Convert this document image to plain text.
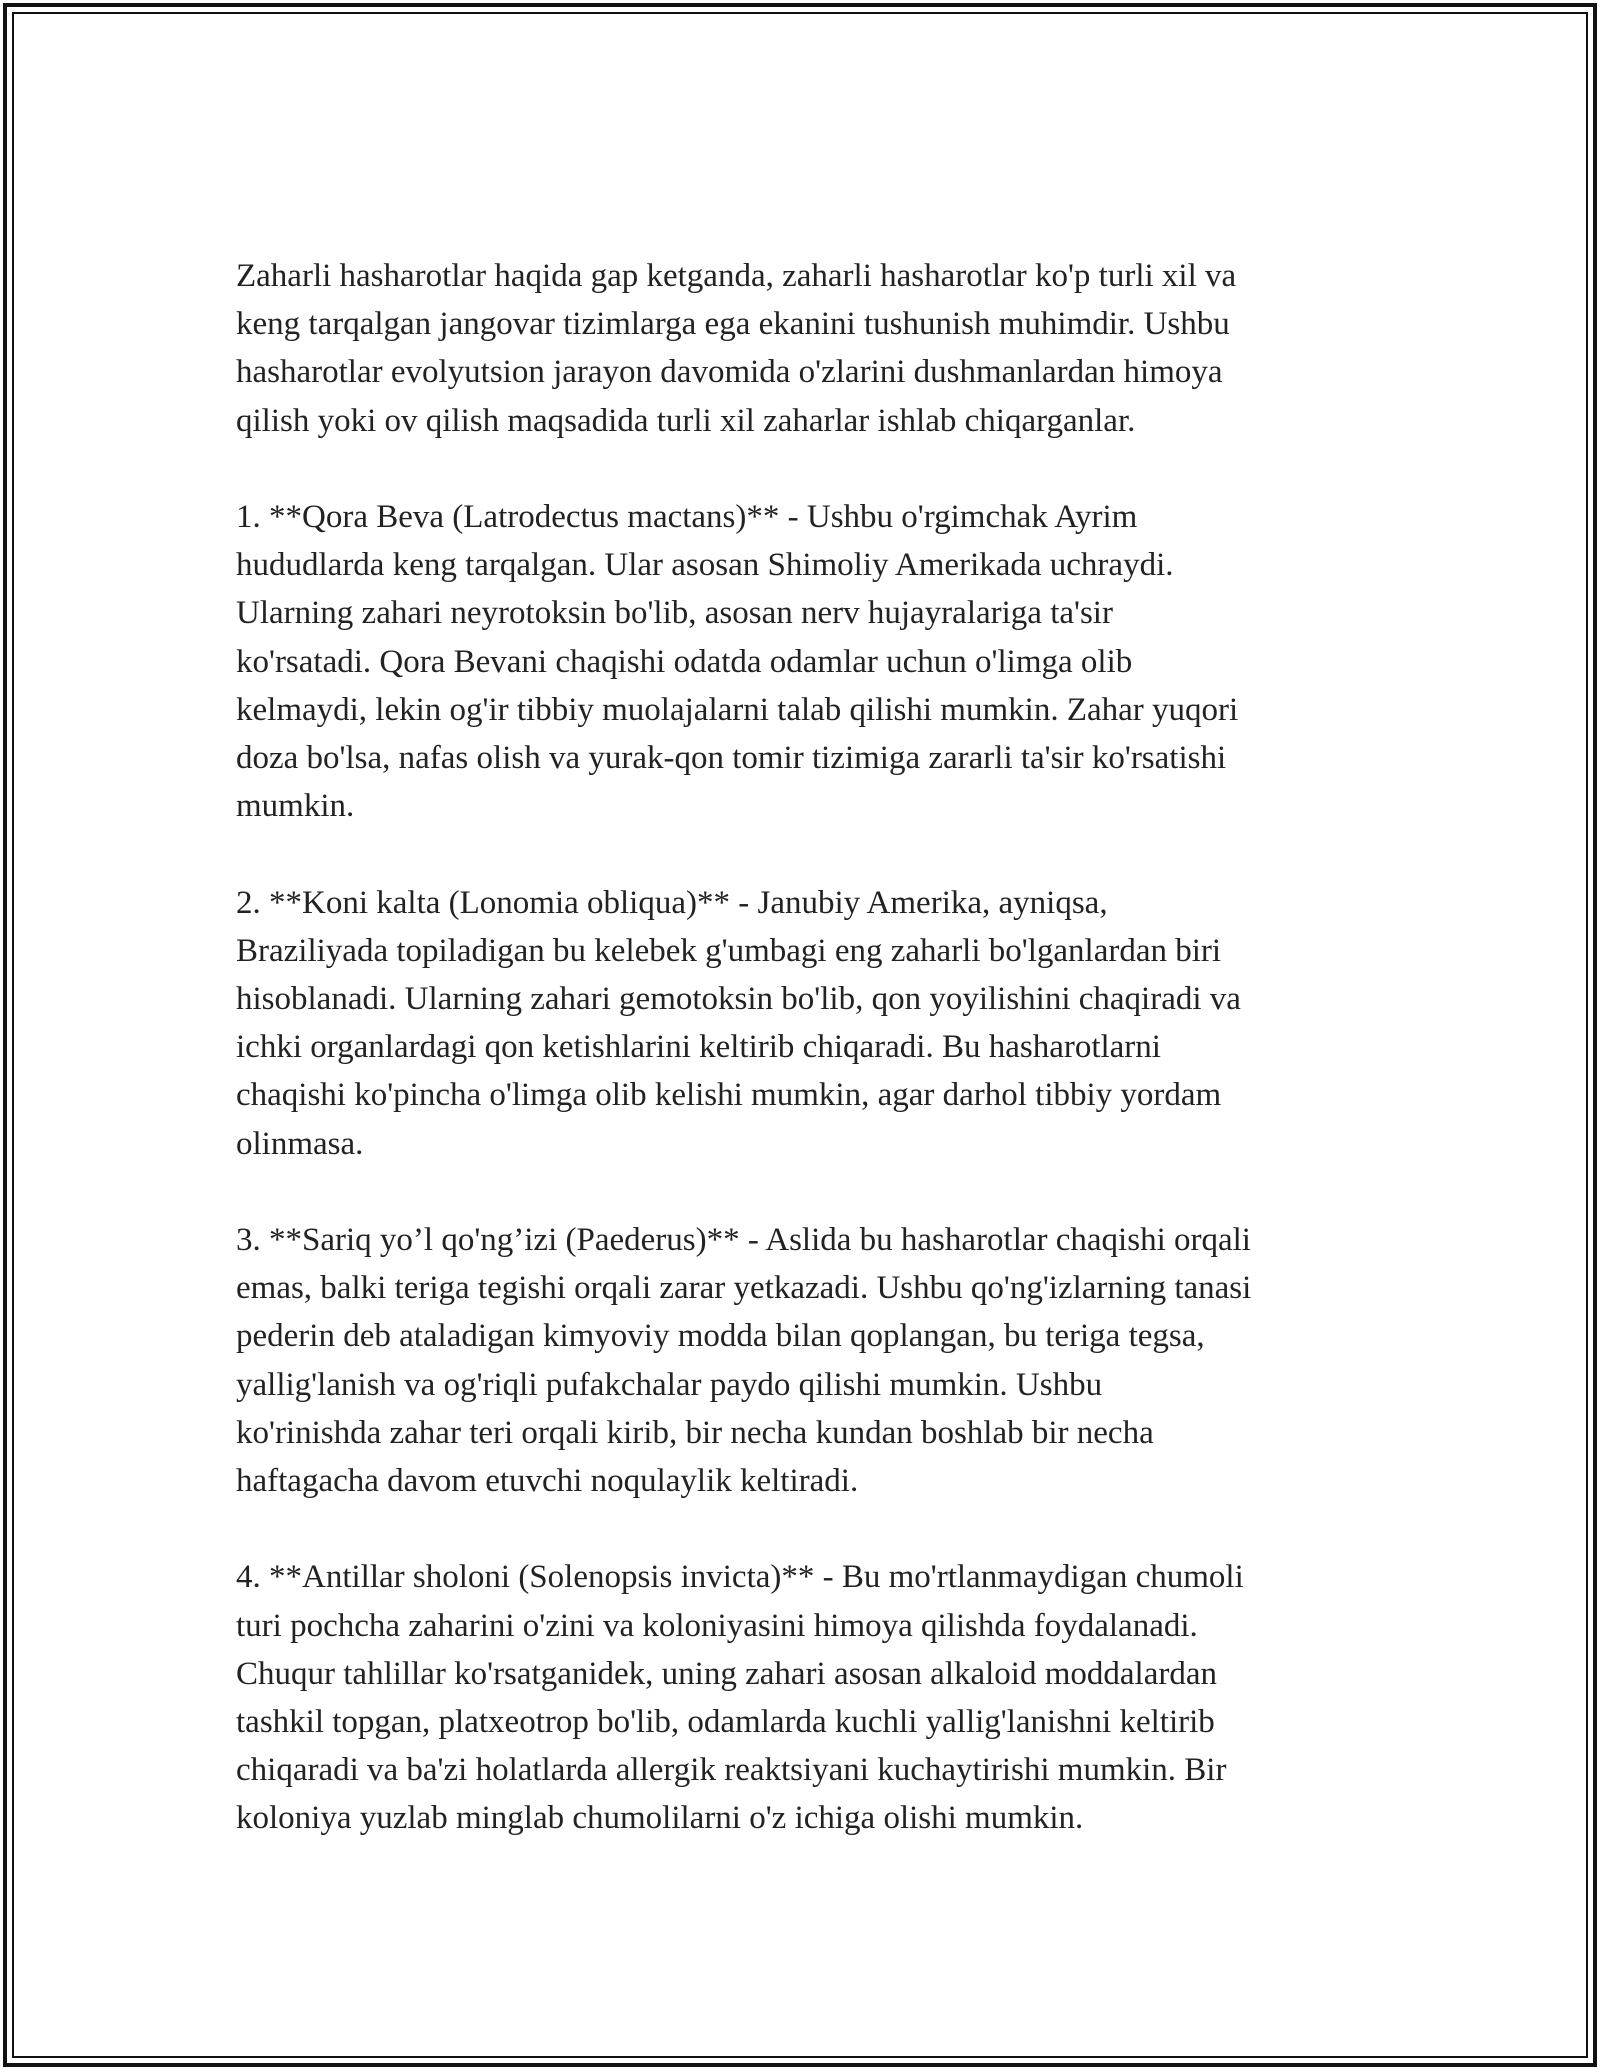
Zaharli hasharotlar haqida gap ketganda, zaharli hasharotlar ko'p turli xil va
keng tarqalgan jangovar tizimlarga ega ekanini tushunish muhimdir. Ushbu
hasharotlar evolyutsion jarayon davomida o'zlarini dushmanlardan himoya
qilish yoki ov qilish maqsadida turli xil zaharlar ishlab chiqarganlar.

1. **Qora Beva (Latrodectus mactans)** - Ushbu o'rgimchak Ayrim
hududlarda keng tarqalgan. Ular asosan Shimoliy Amerikada uchraydi.
Ularning zahari neyrotoksin bo'lib, asosan nerv hujayralariga ta'sir
ko'rsatadi. Qora Bevani chaqishi odatda odamlar uchun o'limga olib
kelmaydi, lekin og'ir tibbiy muolajalarni talab qilishi mumkin. Zahar yuqori
doza bo'lsa, nafas olish va yurak-qon tomir tizimiga zararli ta'sir ko'rsatishi
mumkin.

2. **Koni kalta (Lonomia obliqua)** - Janubiy Amerika, ayniqsa,
Braziliyada topiladigan bu kelebek g'umbagi eng zaharli bo'lganlardan biri
hisoblanadi. Ularning zahari gemotoksin bo'lib, qon yoyilishini chaqiradi va
ichki organlardagi qon ketishlarini keltirib chiqaradi. Bu hasharotlarni
chaqishi ko'pincha o'limga olib kelishi mumkin, agar darhol tibbiy yordam
olinmasa.

3. **Sariq yo’l qo'ng’izi (Paederus)** - Aslida bu hasharotlar chaqishi orqali
emas, balki teriga tegishi orqali zarar yetkazadi. Ushbu qo'ng'izlarning tanasi
pederin deb ataladigan kimyoviy modda bilan qoplangan, bu teriga tegsa,
yallig'lanish va og'riqli pufakchalar paydo qilishi mumkin. Ushbu
ko'rinishda zahar teri orqali kirib, bir necha kundan boshlab bir necha
haftagacha davom etuvchi noqulaylik keltiradi.

4. **Antillar sholoni (Solenopsis invicta)** - Bu mo'rtlanmaydigan chumoli
turi pochcha zaharini o'zini va koloniyasini himoya qilishda foydalanadi.
Chuqur tahlillar ko'rsatganidek, uning zahari asosan alkaloid moddalardan
tashkil topgan, platxeotrop bo'lib, odamlarda kuchli yallig'lanishni keltirib
chiqaradi va ba'zi holatlarda allergik reaktsiyani kuchaytirishi mumkin. Bir
koloniya yuzlab minglab chumolilarni o'z ichiga olishi mumkin.
